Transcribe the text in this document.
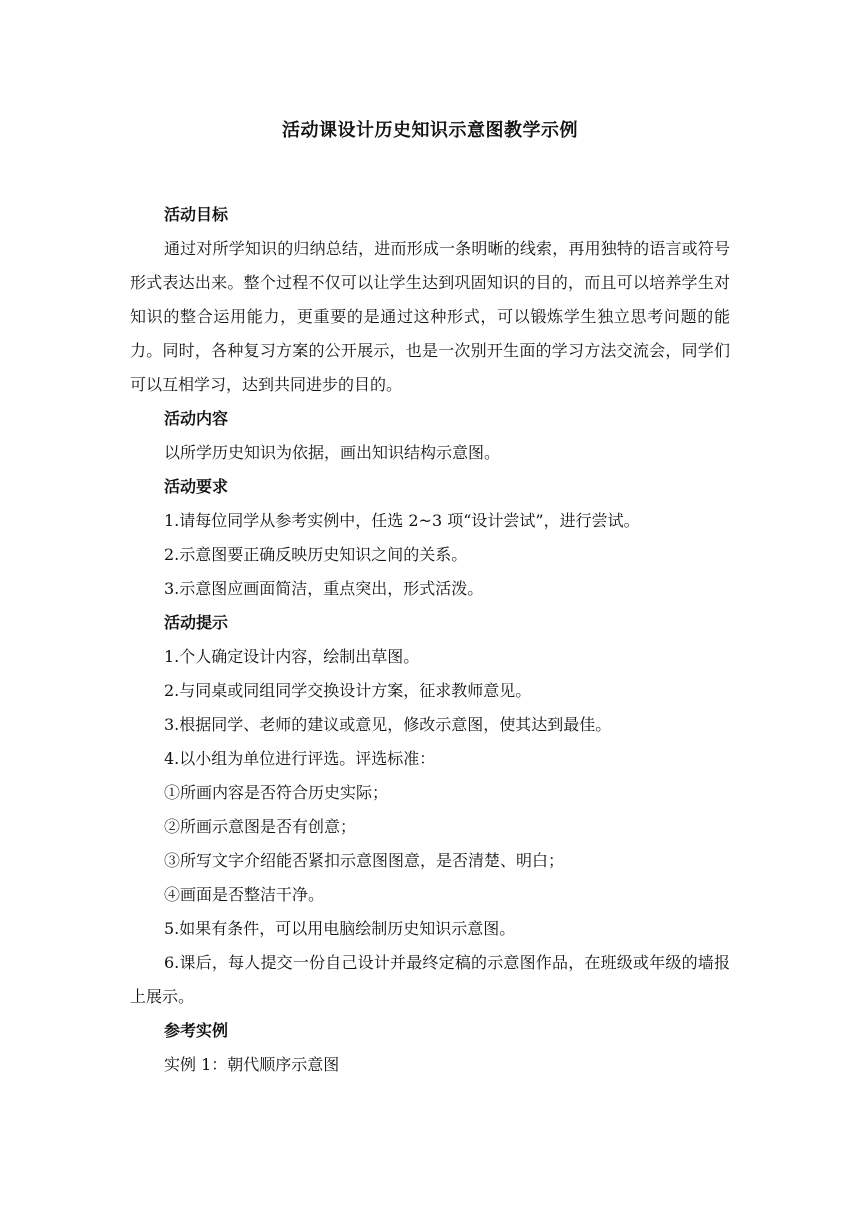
活动课设计历史知识示意图教学示例

活动目标

通过对所学知识的归纳总结，进而形成一条明晰的线索，再用独特的语言或符号形式表达出来。整个过程不仅可以让学生达到巩固知识的目的，而且可以培养学生对知识的整合运用能力，更重要的是通过这种形式，可以锻炼学生独立思考问题的能力。同时，各种复习方案的公开展示，也是一次别开生面的学习方法交流会，同学们可以互相学习，达到共同进步的目的。

活动内容

以所学历史知识为依据，画出知识结构示意图。

活动要求

1.请每位同学从参考实例中，任选 2~3 项“设计尝试”，进行尝试。

2.示意图要正确反映历史知识之间的关系。

3.示意图应画面简洁，重点突出，形式活泼。

活动提示

1.个人确定设计内容，绘制出草图。

2.与同桌或同组同学交换设计方案，征求教师意见。

3.根据同学、老师的建议或意见，修改示意图，使其达到最佳。

4.以小组为单位进行评选。评选标准：

①所画内容是否符合历史实际；

②所画示意图是否有创意；

③所写文字介绍能否紧扣示意图图意，是否清楚、明白；

④画面是否整洁干净。

5.如果有条件，可以用电脑绘制历史知识示意图。

6.课后，每人提交一份自己设计并最终定稿的示意图作品，在班级或年级的墙报上展示。

参考实例

实例 1：朝代顺序示意图
